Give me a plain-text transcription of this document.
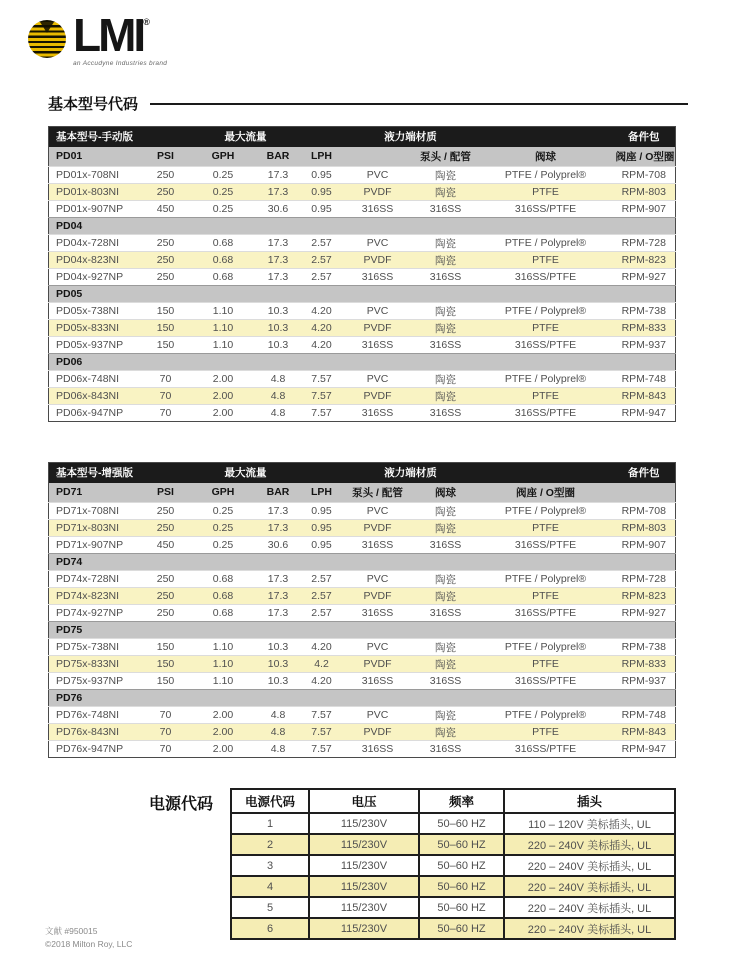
LMI®
an Accudyne Industries brand
基本型号代码
基本型号-手动版		最大流量			液力端材质			备件包
PD01	PSI	GPH	BAR	LPH		泵头 / 配管	阀球	阀座 / O型圈
PD01x-708NI	250	0.25	17.3	0.95	PVC	陶瓷	PTFE / Polyprel®	RPM-708
PD01x-803NI	250	0.25	17.3	0.95	PVDF	陶瓷	PTFE	RPM-803
PD01x-907NP	450	0.25	30.6	0.95	316SS	316SS	316SS/PTFE	RPM-907
PD04								
PD04x-728NI	250	0.68	17.3	2.57	PVC	陶瓷	PTFE / Polyprel®	RPM-728
PD04x-823NI	250	0.68	17.3	2.57	PVDF	陶瓷	PTFE	RPM-823
PD04x-927NP	250	0.68	17.3	2.57	316SS	316SS	316SS/PTFE	RPM-927
PD05								
PD05x-738NI	150	1.10	10.3	4.20	PVC	陶瓷	PTFE / Polyprel®	RPM-738
PD05x-833NI	150	1.10	10.3	4.20	PVDF	陶瓷	PTFE	RPM-833
PD05x-937NP	150	1.10	10.3	4.20	316SS	316SS	316SS/PTFE	RPM-937
PD06								
PD06x-748NI	70	2.00	4.8	7.57	PVC	陶瓷	PTFE / Polyprel®	RPM-748
PD06x-843NI	70	2.00	4.8	7.57	PVDF	陶瓷	PTFE	RPM-843
PD06x-947NP	70	2.00	4.8	7.57	316SS	316SS	316SS/PTFE	RPM-947
基本型号-增强版		最大流量			液力端材质			备件包
PD71	PSI	GPH	BAR	LPH	泵头 / 配管	阀球	阀座 / O型圈	
PD71x-708NI	250	0.25	17.3	0.95	PVC	陶瓷	PTFE / Polyprel®	RPM-708
PD71x-803NI	250	0.25	17.3	0.95	PVDF	陶瓷	PTFE	RPM-803
PD71x-907NP	450	0.25	30.6	0.95	316SS	316SS	316SS/PTFE	RPM-907
PD74								
PD74x-728NI	250	0.68	17.3	2.57	PVC	陶瓷	PTFE / Polyprel®	RPM-728
PD74x-823NI	250	0.68	17.3	2.57	PVDF	陶瓷	PTFE	RPM-823
PD74x-927NP	250	0.68	17.3	2.57	316SS	316SS	316SS/PTFE	RPM-927
PD75								
PD75x-738NI	150	1.10	10.3	4.20	PVC	陶瓷	PTFE / Polyprel®	RPM-738
PD75x-833NI	150	1.10	10.3	4.2	PVDF	陶瓷	PTFE	RPM-833
PD75x-937NP	150	1.10	10.3	4.20	316SS	316SS	316SS/PTFE	RPM-937
PD76								
PD76x-748NI	70	2.00	4.8	7.57	PVC	陶瓷	PTFE / Polyprel®	RPM-748
PD76x-843NI	70	2.00	4.8	7.57	PVDF	陶瓷	PTFE	RPM-843
PD76x-947NP	70	2.00	4.8	7.57	316SS	316SS	316SS/PTFE	RPM-947
电源代码	电源代码	电压	频率	插头
1	115/230V	50–60 HZ	110 – 120V 美标插头, UL
2	115/230V	50–60 HZ	220 – 240V 美标插头, UL
3	115/230V	50–60 HZ	220 – 240V 美标插头, UL
4	115/230V	50–60 HZ	220 – 240V 美标插头, UL
5	115/230V	50–60 HZ	220 – 240V 美标插头, UL
6	115/230V	50–60 HZ	220 – 240V 美标插头, UL
文献 #950015
©2018 Milton Roy, LLC
